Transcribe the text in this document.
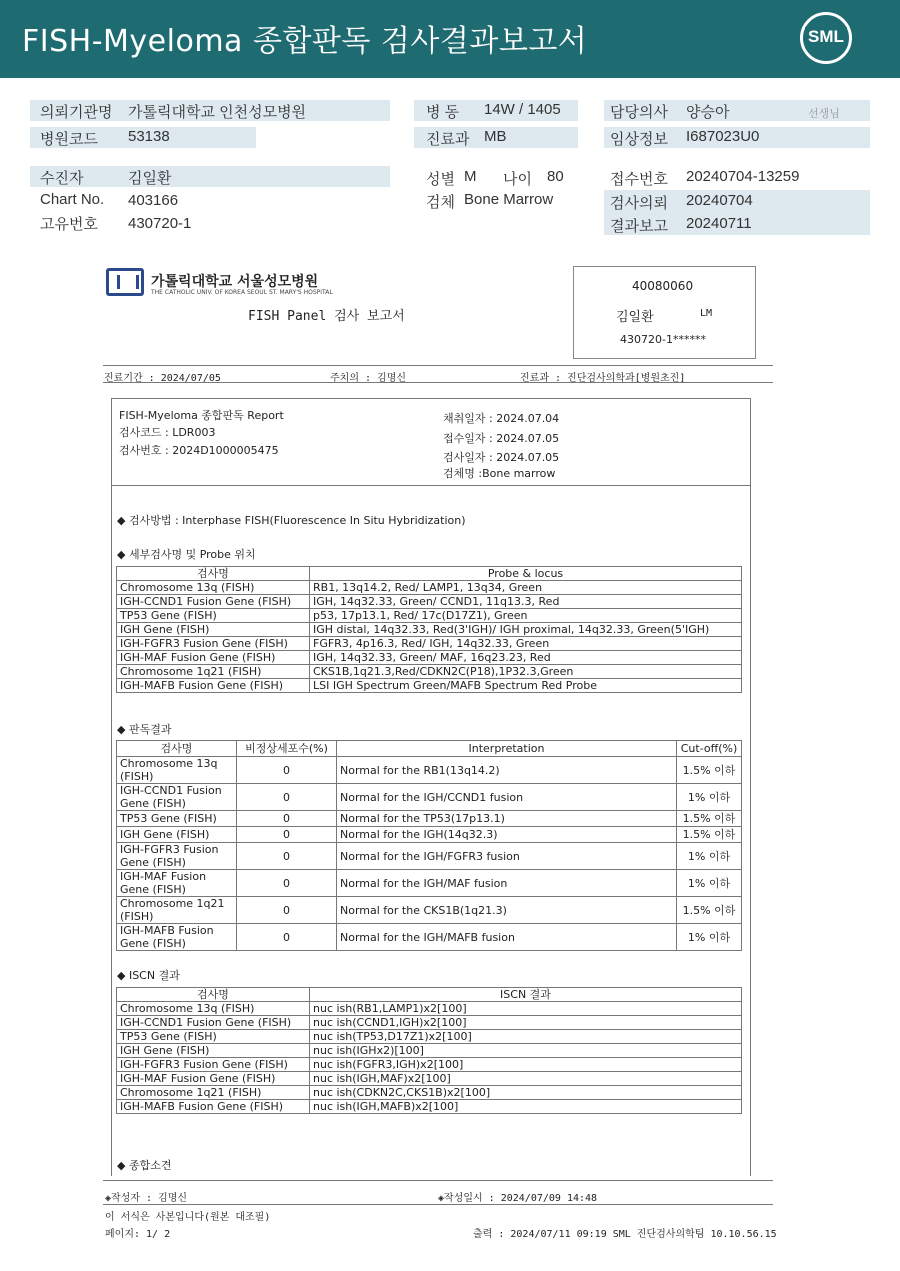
FISH-Myeloma 종합판독 검사결과보고서	SML
의뢰기관명 가톨릭대학교 인천성모병원
병원코드 53138
병 동 14W / 1405
진료과 MB
담당의사 양승아	선생님
임상정보 I687023U0
수진자	김일환
Chart No. 403166
고유번호 430720-1
성별 M 나이 80
검체 Bone Marrow
접수번호 20240704-13259
검사의뢰 20240704
결과보고 20240711
가톨릭대학교 서울성모병원
THE CATHOLIC UNIV. OF KOREA SEOUL ST. MARY'S HOSPITAL
FISH Panel 검사 보고서
40080060
김일환	LM
430720-1******
진료기간 : 2024/07/05	주치의 : 김명신	진료과 : 진단검사의학과[병원초진]
FISH-Myeloma 종합판독 Report
검사코드 : LDR003
검사번호 : 2024D1000005475
채취일자 : 2024.07.04
접수일자 : 2024.07.05
검사일자 : 2024.07.05
검체명 :Bone marrow
◆ 검사방법 : Interphase FISH(Fluorescence In Situ Hybridization)
◆ 세부검사명 및 Probe 위치
검사명	Probe & locus
Chromosome 13q (FISH)	RB1, 13q14.2, Red/ LAMP1, 13q34, Green
IGH-CCND1 Fusion Gene (FISH)	IGH, 14q32.33, Green/ CCND1, 11q13.3, Red
TP53 Gene (FISH)	p53, 17p13.1, Red/ 17c(D17Z1), Green
IGH Gene (FISH)	IGH distal, 14q32.33, Red(3'IGH)/ IGH proximal, 14q32.33, Green(5'IGH)
IGH-FGFR3 Fusion Gene (FISH)	FGFR3, 4p16.3, Red/ IGH, 14q32.33, Green
IGH-MAF Fusion Gene (FISH)	IGH, 14q32.33, Green/ MAF, 16q23.23, Red
Chromosome 1q21 (FISH)	CKS1B,1q21.3,Red/CDKN2C(P18),1P32.3,Green
IGH-MAFB Fusion Gene (FISH)	LSI IGH Spectrum Green/MAFB Spectrum Red Probe
◆ 판독결과
검사명	비정상세포수(%)	Interpretation	Cut-off(%)
Chromosome 13q (FISH)	0	Normal for the RB1(13q14.2)	1.5% 이하
IGH-CCND1 Fusion Gene (FISH)	0	Normal for the IGH/CCND1 fusion	1% 이하
TP53 Gene (FISH)	0	Normal for the TP53(17p13.1)	1.5% 이하
IGH Gene (FISH)	0	Normal for the IGH(14q32.3)	1.5% 이하
IGH-FGFR3 Fusion Gene (FISH)	0	Normal for the IGH/FGFR3 fusion	1% 이하
IGH-MAF Fusion Gene (FISH)	0	Normal for the IGH/MAF fusion	1% 이하
Chromosome 1q21 (FISH)	0	Normal for the CKS1B(1q21.3)	1.5% 이하
IGH-MAFB Fusion Gene (FISH)	0	Normal for the IGH/MAFB fusion	1% 이하
◆ ISCN 결과
검사명	ISCN 결과
Chromosome 13q (FISH)	nuc ish(RB1,LAMP1)x2[100]
IGH-CCND1 Fusion Gene (FISH)	nuc ish(CCND1,IGH)x2[100]
TP53 Gene (FISH)	nuc ish(TP53,D17Z1)x2[100]
IGH Gene (FISH)	nuc ish(IGHx2)[100]
IGH-FGFR3 Fusion Gene (FISH)	nuc ish(FGFR3,IGH)x2[100]
IGH-MAF Fusion Gene (FISH)	nuc ish(IGH,MAF)x2[100]
Chromosome 1q21 (FISH)	nuc ish(CDKN2C,CKS1B)x2[100]
IGH-MAFB Fusion Gene (FISH)	nuc ish(IGH,MAFB)x2[100]
◆ 종합소견
◈작성자 : 김명신	◈작성일시 : 2024/07/09 14:48
이 서식은 사본입니다(원본 대조필)
페이지: 1/ 2	출력 : 2024/07/11 09:19 SML 진단검사의학팀 10.10.56.15
